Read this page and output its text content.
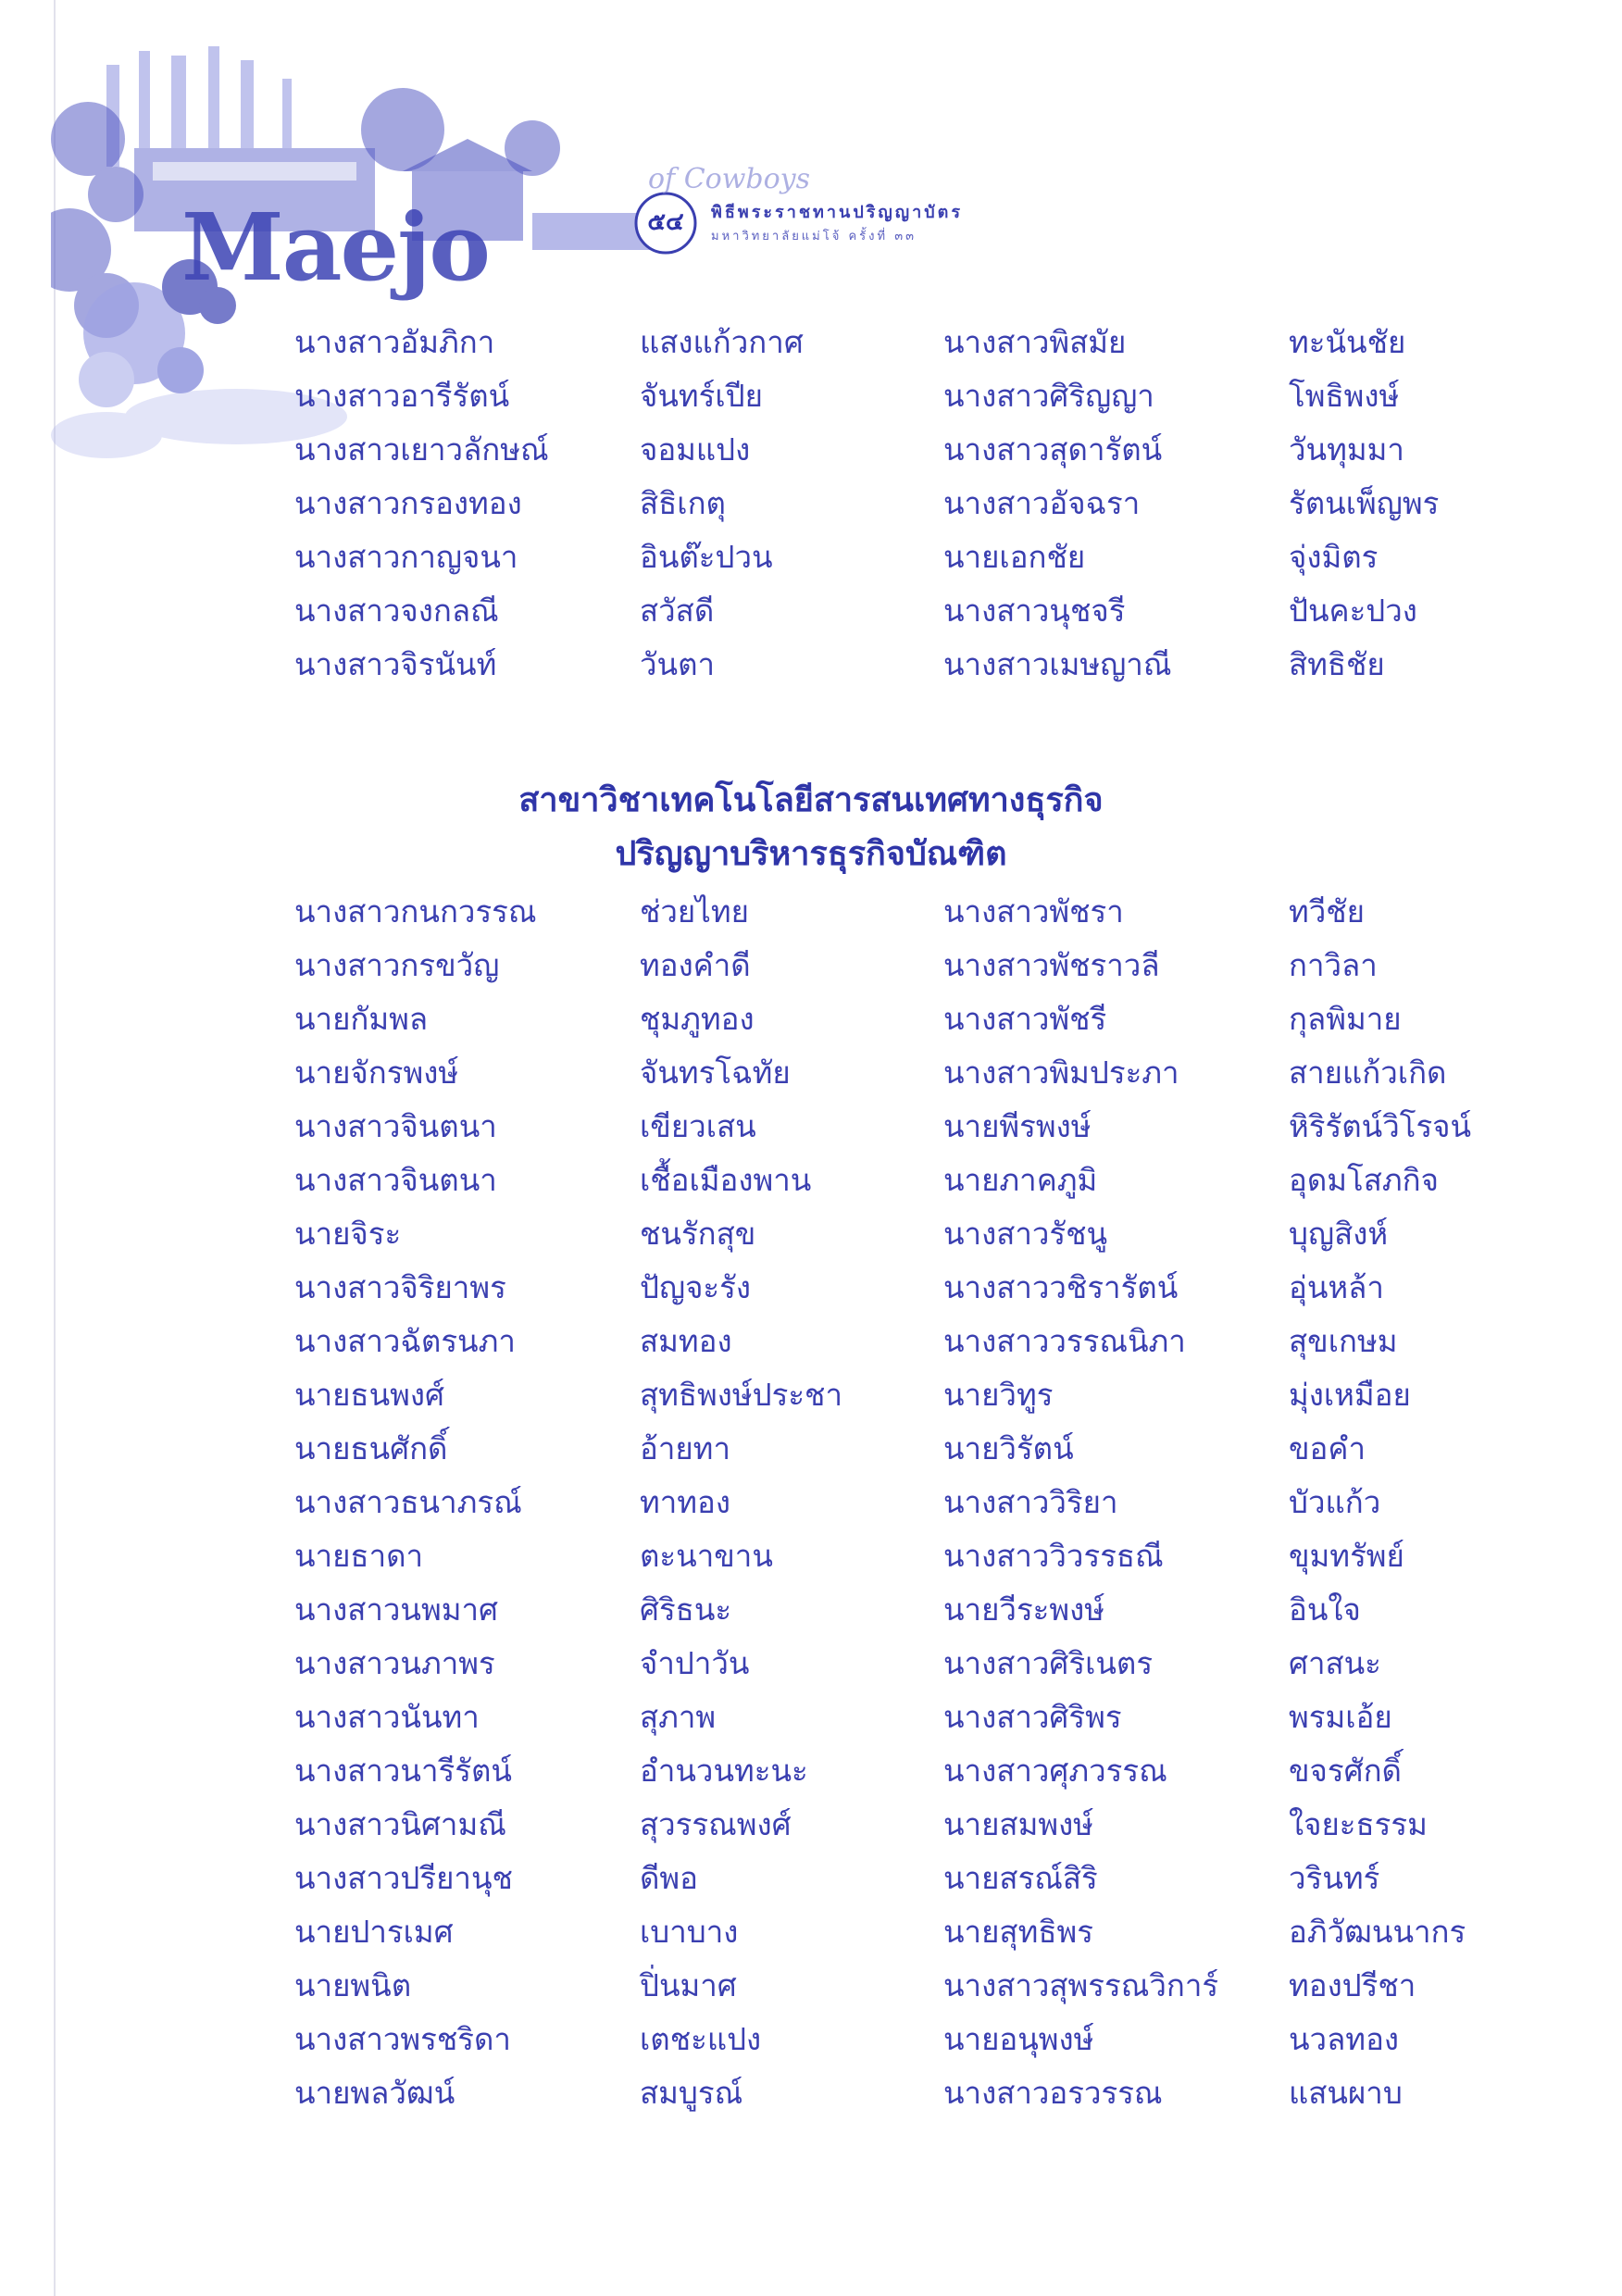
of Cowboys
Maejo	๕๔	พิธีพระราชทานปริญญาบัตร
มหาวิทยาลัยแม่โจ้ ครั้งที่ ๓๓
นางสาวอัมภิกา	แสงแก้วกาศ	นางสาวพิสมัย	ทะนันชัย
นางสาวอารีรัตน์	จันทร์เปีย	นางสาวศิริญญา	โพธิพงษ์
นางสาวเยาวลักษณ์	จอมแปง	นางสาวสุดารัตน์	วันทุมมา
นางสาวกรองทอง	สิธิเกตุ	นางสาวอัจฉรา	รัตนเพ็ญพร
นางสาวกาญจนา	อินต๊ะปวน	นายเอกชัย	จุ่งมิตร
นางสาวจงกลณี	สวัสดี	นางสาวนุชจรี	ปันคะปวง
นางสาวจิรนันท์	วันตา	นางสาวเมษญาณี	สิทธิชัย
สาขาวิชาเทคโนโลยีสารสนเทศทางธุรกิจ
ปริญญาบริหารธุรกิจบัณฑิต
นางสาวกนกวรรณ	ช่วยไทย	นางสาวพัชรา	ทวีชัย
นางสาวกรขวัญ	ทองคำดี	นางสาวพัชราวลี	กาวิลา
นายกัมพล	ชุมภูทอง	นางสาวพัชรี	กุลพิมาย
นายจักรพงษ์	จันทรโฉทัย	นางสาวพิมประภา	สายแก้วเกิด
นางสาวจินตนา	เขียวเสน	นายพีรพงษ์	หิริรัตน์วิโรจน์
นางสาวจินตนา	เชื้อเมืองพาน	นายภาคภูมิ	อุดมโสภกิจ
นายจิระ	ชนรักสุข	นางสาวรัชนู	บุญสิงห์
นางสาวจิริยาพร	ปัญจะรัง	นางสาววชิรารัตน์	อุ่นหล้า
นางสาวฉัตรนภา	สมทอง	นางสาววรรณนิภา	สุขเกษม
นายธนพงศ์	สุทธิพงษ์ประชา	นายวิทูร	มุ่งเหมือย
นายธนศักดิ์	อ้ายทา	นายวิรัตน์	ขอคำ
นางสาวธนาภรณ์	ทาทอง	นางสาววิริยา	บัวแก้ว
นายธาดา	ตะนาขาน	นางสาววิวรรธณี	ขุมทรัพย์
นางสาวนพมาศ	ศิริธนะ	นายวีระพงษ์	อินใจ
นางสาวนภาพร	จำปาวัน	นางสาวศิริเนตร	ศาสนะ
นางสาวนันทา	สุภาพ	นางสาวศิริพร	พรมเอ้ย
นางสาวนารีรัตน์	อำนวนทะนะ	นางสาวศุภวรรณ	ขจรศักดิ์
นางสาวนิศามณี	สุวรรณพงศ์	นายสมพงษ์	ใจยะธรรม
นางสาวปรียานุช	ดีพอ	นายสรณ์สิริ	วรินทร์
นายปารเมศ	เบาบาง	นายสุทธิพร	อภิวัฒนนากร
นายพนิต	ปิ่นมาศ	นางสาวสุพรรณวิการ์	ทองปรีชา
นางสาวพรชริดา	เตชะแปง	นายอนุพงษ์	นวลทอง
นายพลวัฒน์	สมบูรณ์	นางสาวอรวรรณ	แสนผาบ
